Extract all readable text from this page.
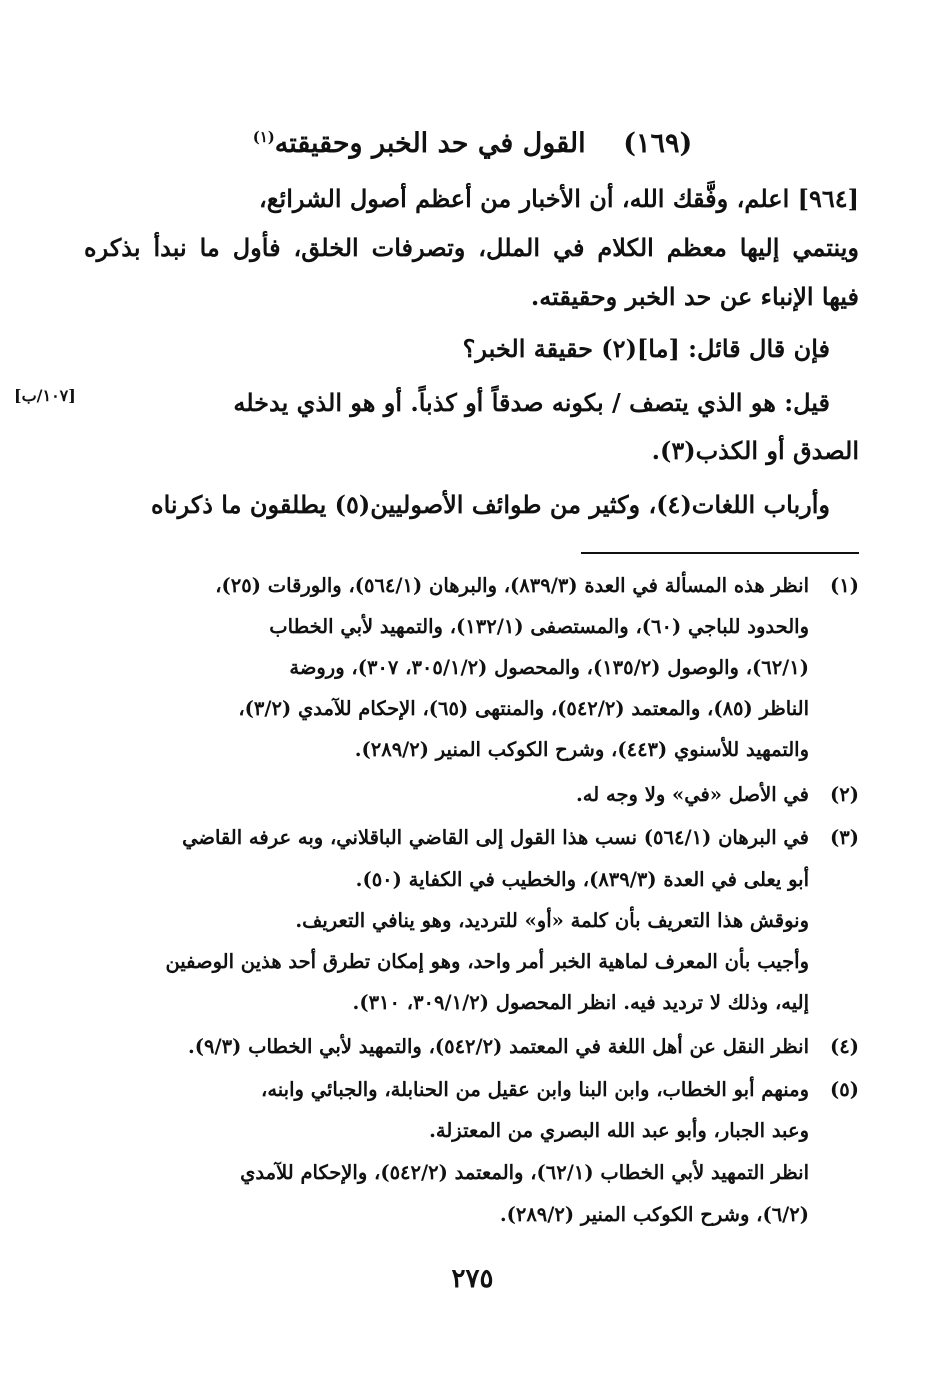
(١٦٩)    القول في حد الخبر وحقيقته$^{(١)}$
[٩٦٤] اعلم، وفَّقك الله، أن الأخبار من أعظم أصول الشرائع،
وينتمي إليها معظم الكلام في الملل، وتصرفات الخلق، فأول ما نبدأ بذكره
فيها الإنباء عن حد الخبر وحقيقته.
فإن قال قائل: [ما](٢) حقيقة الخبر؟
قيل: هو الذي يتصف / بكونه صدقاً أو كذباً. أو هو الذي يدخله
[١٠٧/ب]
الصدق أو الكذب(٣).
وأرباب اللغات(٤)، وكثير من طوائف الأصوليين(٥) يطلقون ما ذكرناه
(١)انظر هذه المسألة في العدة (٨٣٩/٣)، والبرهان (٥٦٤/١)، والورقات (٢٥)،
والحدود للباجي (٦٠)، والمستصفى (١٣٢/١)، والتمهيد لأبي الخطاب
(٦٢/١)، والوصول (١٣٥/٢)، والمحصول (٣٠٥/١/٢، ٣٠٧)، وروضة
الناظر (٨٥)، والمعتمد (٥٤٢/٢)، والمنتهى (٦٥)، الإحكام للآمدي (٣/٢)،
والتمهيد للأسنوي (٤٤٣)، وشرح الكوكب المنير (٢٨٩/٢).
(٢)في الأصل «في» ولا وجه له.
(٣)في البرهان (٥٦٤/١) نسب هذا القول إلى القاضي الباقلاني، وبه عرفه القاضي
أبو يعلى في العدة (٨٣٩/٣)، والخطيب في الكفاية (٥٠).
ونوقش هذا التعريف بأن كلمة «أو» للترديد، وهو ينافي التعريف.
وأجيب بأن المعرف لماهية الخبر أمر واحد، وهو إمكان تطرق أحد هذين الوصفين
إليه، وذلك لا ترديد فيه. انظر المحصول (٣٠٩/١/٢، ٣١٠).
(٤)انظر النقل عن أهل اللغة في المعتمد (٥٤٢/٢)، والتمهيد لأبي الخطاب (٩/٣).
(٥)ومنهم أبو الخطاب، وابن البنا وابن عقيل من الحنابلة، والجبائي وابنه،
وعبد الجبار، وأبو عبد الله البصري من المعتزلة.
انظر التمهيد لأبي الخطاب (٦٢/١)، والمعتمد (٥٤٢/٢)، والإحكام للآمدي
(٦/٢)، وشرح الكوكب المنير (٢٨٩/٢).
٢٧٥
